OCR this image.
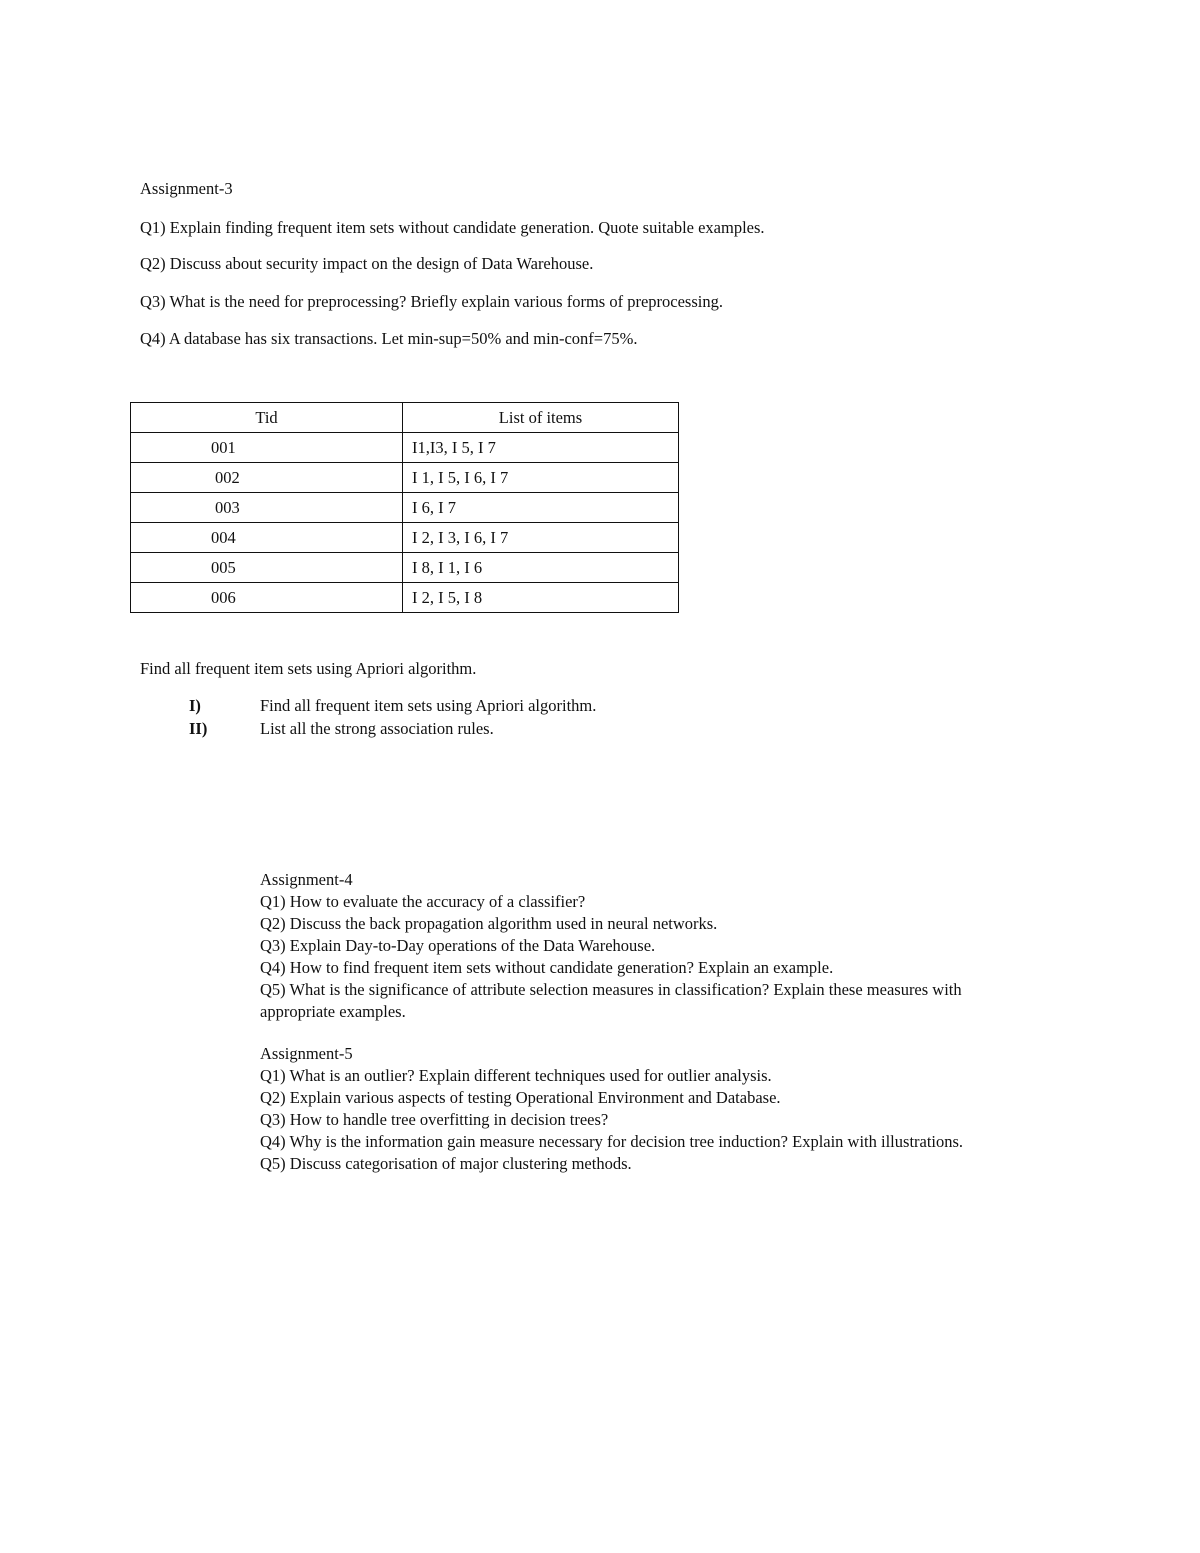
Assignment-3
Q1) Explain finding frequent item sets without candidate generation. Quote suitable examples.
Q2) Discuss about security impact on the design of Data Warehouse.
Q3) What is the need for preprocessing? Briefly explain various forms of preprocessing.
Q4) A database has six transactions. Let min-sup=50% and min-conf=75%.
Tid	List of items
001	I1,I3, I 5, I 7
002	I 1, I 5, I 6, I 7
003	I 6, I 7
004	I 2, I 3, I 6, I 7
005	I 8, I 1, I 6
006	I 2, I 5, I 8
Find all frequent item sets using Apriori algorithm.
I)	Find all frequent item sets using Apriori algorithm.
II)	List all the strong association rules.
Assignment-4
Q1) How to evaluate the accuracy of a classifier?
Q2) Discuss the back propagation algorithm used in neural networks.
Q3) Explain Day-to-Day operations of the Data Warehouse.
Q4) How to find frequent item sets without candidate generation? Explain an example.
Q5) What is the significance of attribute selection measures in classification? Explain these measures with appropriate examples.
Assignment-5
Q1) What is an outlier? Explain different techniques used for outlier analysis.
Q2) Explain various aspects of testing Operational Environment and Database.
Q3) How to handle tree overfitting in decision trees?
Q4) Why is the information gain measure necessary for decision tree induction? Explain with illustrations.
Q5) Discuss categorisation of major clustering methods.
